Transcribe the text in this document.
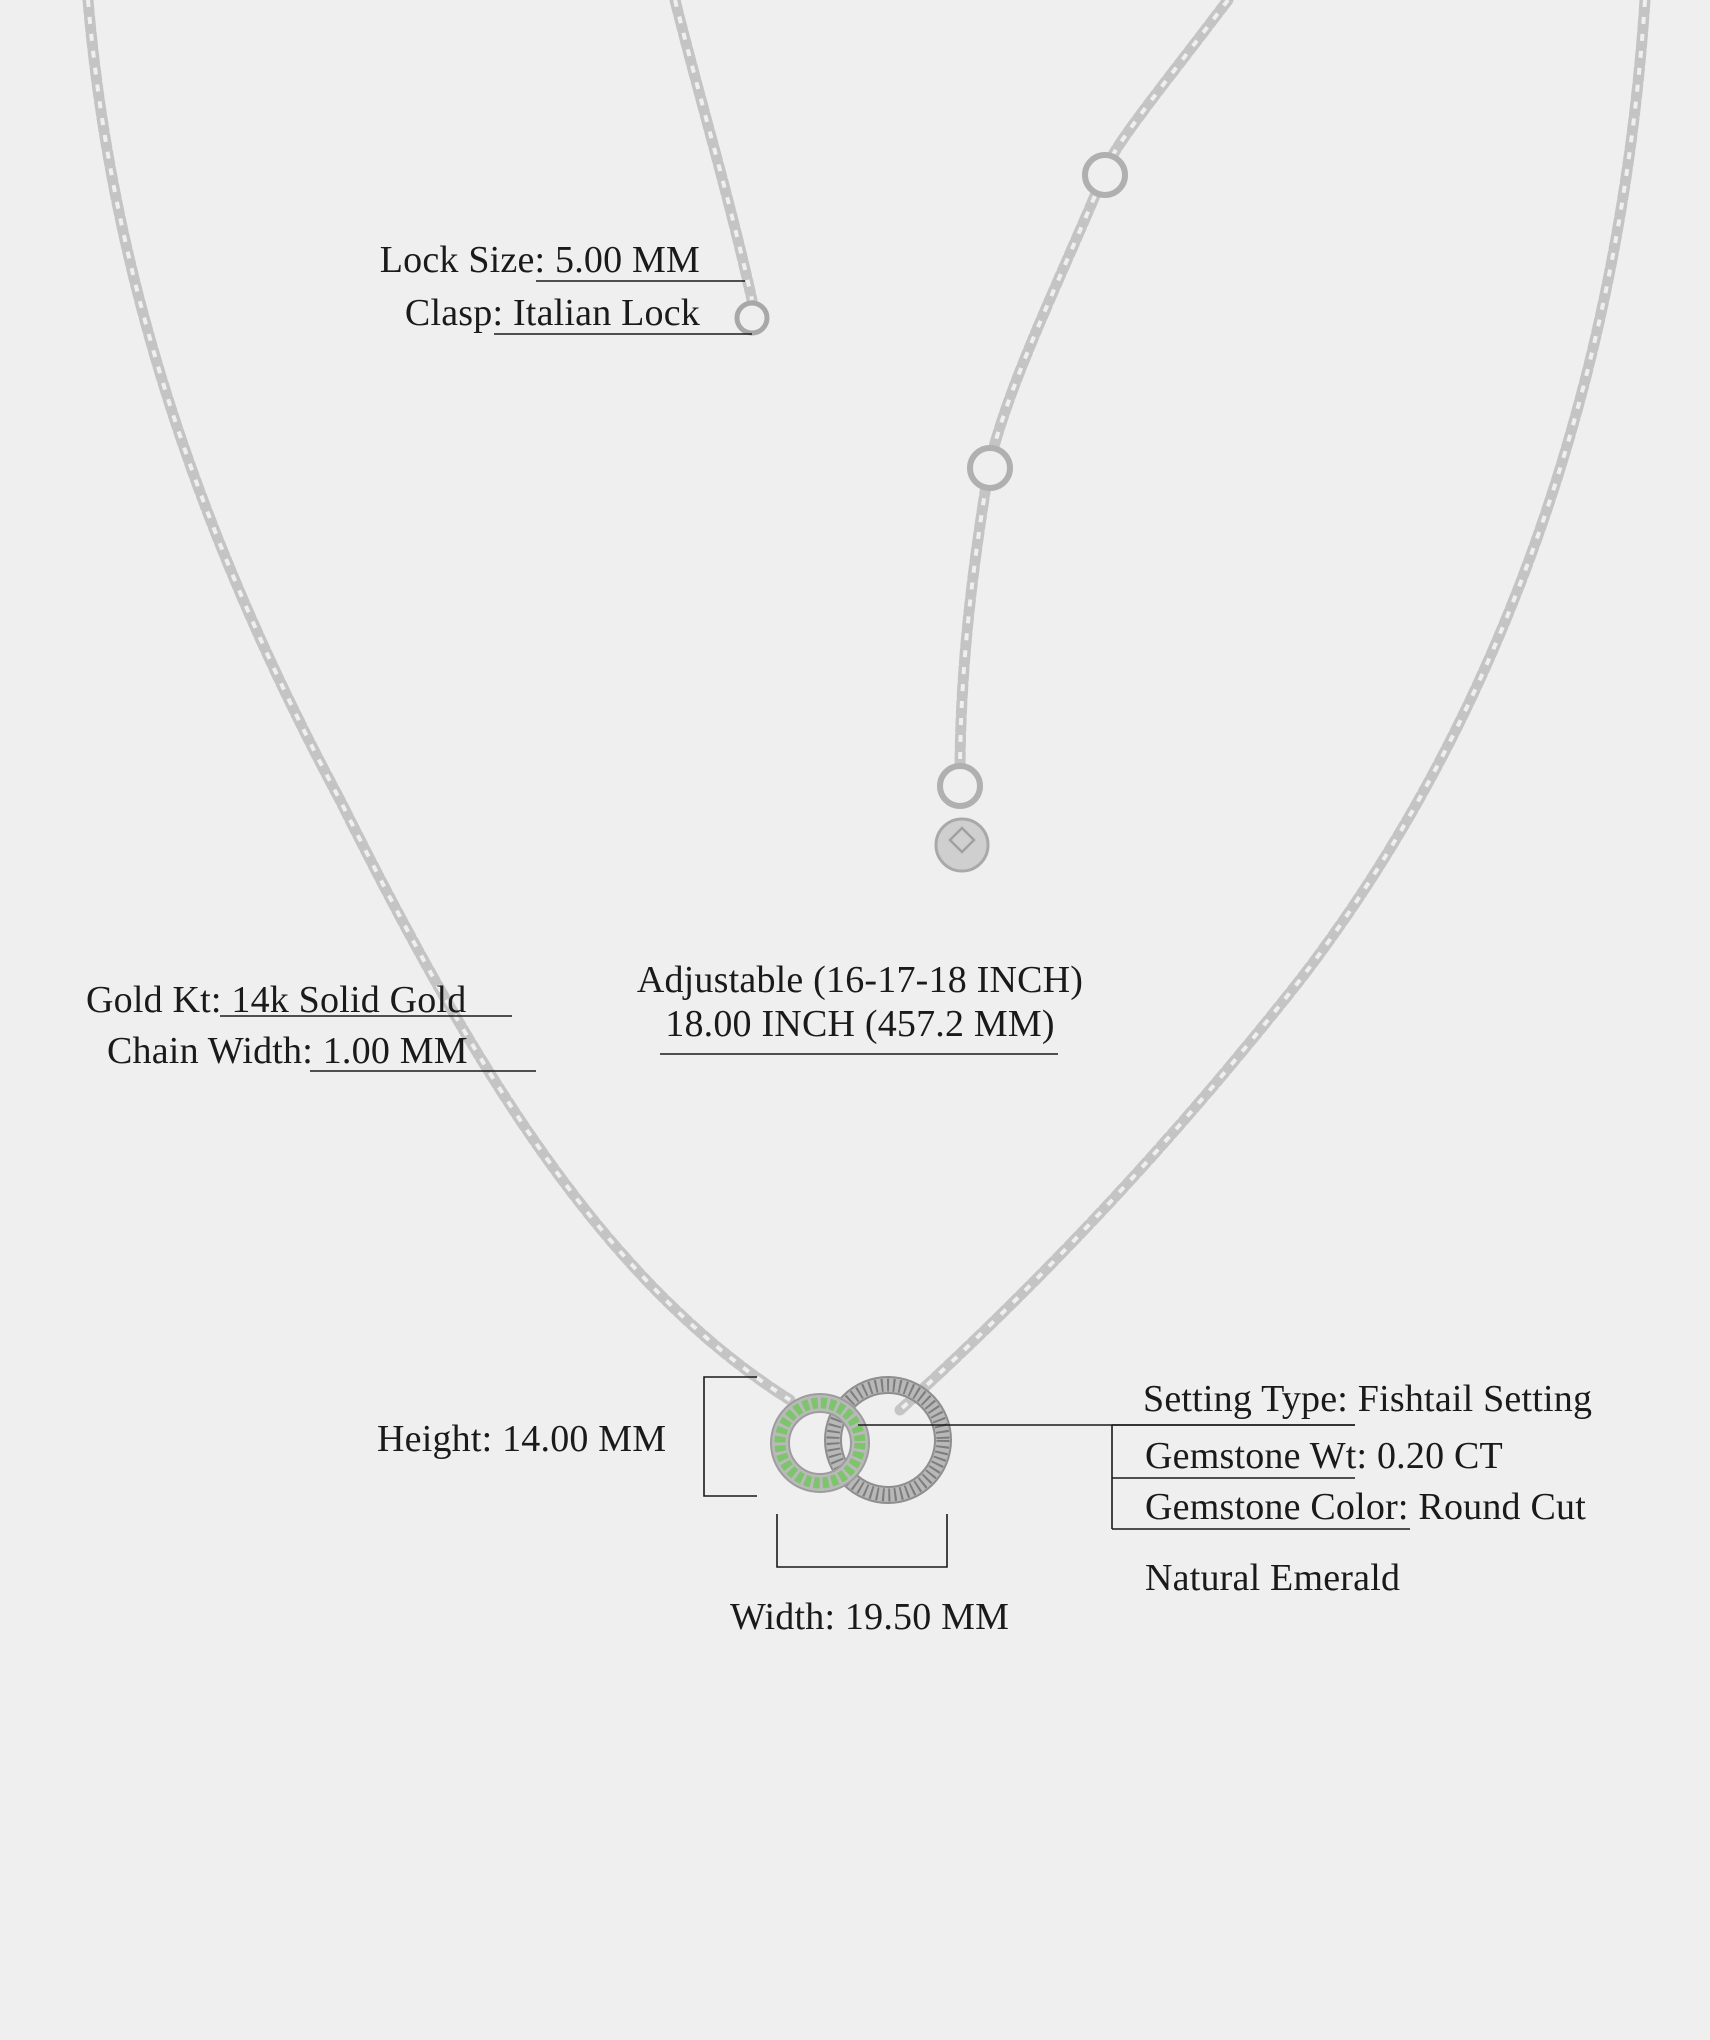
Lock Size: 5.00 MM
Clasp: Italian Lock
Gold Kt: 14k Solid Gold
Chain Width: 1.00 MM
Adjustable (16-17-18 INCH)
18.00 INCH (457.2 MM)
Height: 14.00 MM
Width: 19.50 MM
Setting Type: Fishtail Setting
Gemstone Wt: 0.20 CT
Gemstone Color: Round Cut
Natural Emerald
